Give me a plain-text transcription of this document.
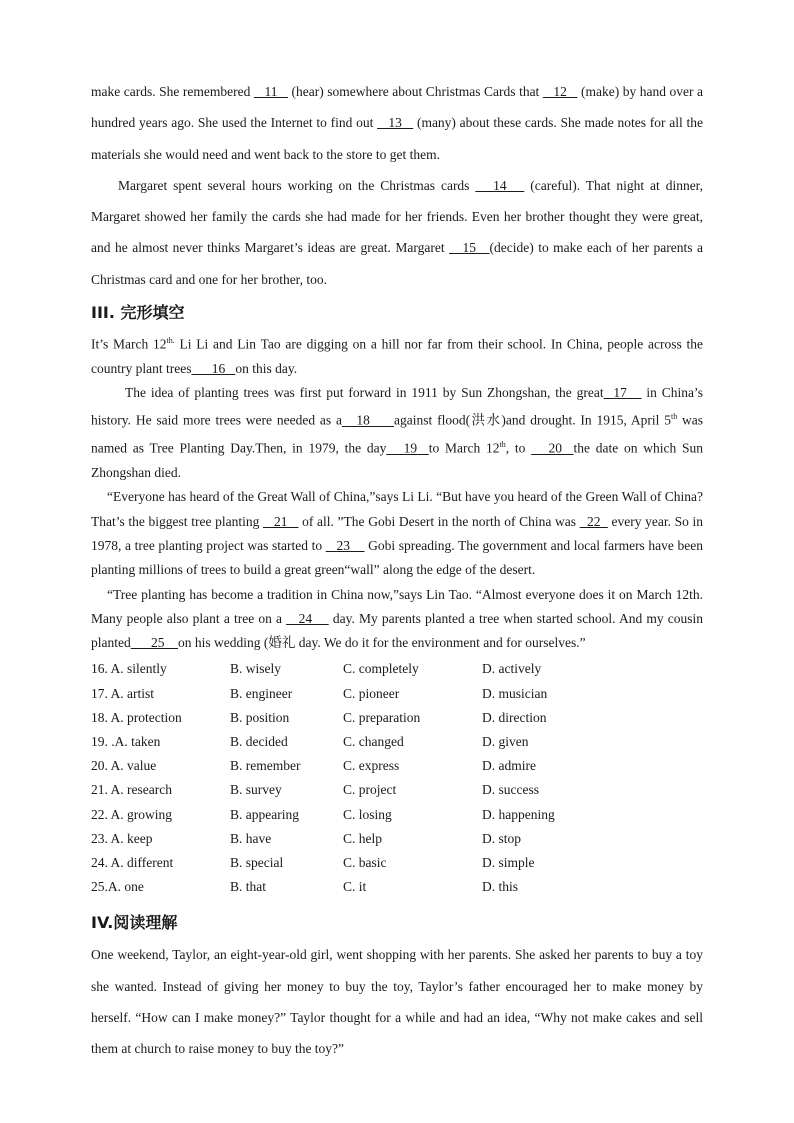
make cards. She remembered    11    (hear) somewhere about Christmas Cards that    12    (make) by hand over a hundred years ago. She used the Internet to find out    13    (many) about these cards. She made notes for all the materials she would need and went back to the store to get them.

Margaret spent several hours working on the Christmas cards    14    (careful). That night at dinner, Margaret showed her family the cards she had made for her friends. Even her brother thought they were great, and he almost never thinks Margaret’s ideas are great. Margaret    15 (decide) to make each of her parents a Christmas card and one for her brother, too.

III. 完形填空

It’s March $12^{th.}$ Li Li and Lin Tao are digging on a hill nor far from their school. In China, people across the country plant trees 16 on this day.

The idea of planting trees was first put forward in 1911 by Sun Zhongshan, the great 17    in China’s history. He said more trees were needed as a 18 against flood(洪水)and drought. In 1915, April 5th was named as Tree Planting Day.Then, in 1979, the day 19 to March 12th, to    20 the date on which Sun Zhongshan died.

“Everyone has heard of the Great Wall of China,”says Li Li. “But have you heard of the Green Wall of China? That’s the biggest tree planting    21    of all. ”The Gobi Desert in the north of China was   22   every year. So in 1978, a tree planting project was started to    23     Gobi spreading. The government and local farmers have been planting millions of trees to build a great green“wall” along the edge of the desert.

“Tree planting has become a tradition in China now,”says Lin Tao. “Almost everyone does it on March 12th. Many people also plant a tree on a    24     day. My parents planted a tree when started school. And my cousin planted 25 on his wedding (婚礼 day. We do it for the environment and for ourselves.”

16. A. silently	B. wisely	C. completely	D. actively
17. A. artist	B. engineer	C. pioneer	D. musician
18. A. protection	B. position	C. preparation	D. direction
19. .A. taken	B. decided	C. changed	D. given
20. A. value	B. remember	C. express	D. admire
21. A. research	B. survey	C. project	D. success
22. A. growing	B. appearing	C. losing	D. happening
23. A. keep	B. have	C. help	D. stop
24. A. different	B. special	C. basic	D. simple
25.A. one	B. that	C. it	D. this
IV.阅读理解

One weekend, Taylor, an eight-year-old girl, went shopping with her parents. She asked her parents to buy a toy she wanted. Instead of giving her money to buy the toy, Taylor’s father encouraged her to make money by herself. “How can I make money?” Taylor thought for a while and had an idea, “Why not make cakes and sell them at church to raise money to buy the toy?”
